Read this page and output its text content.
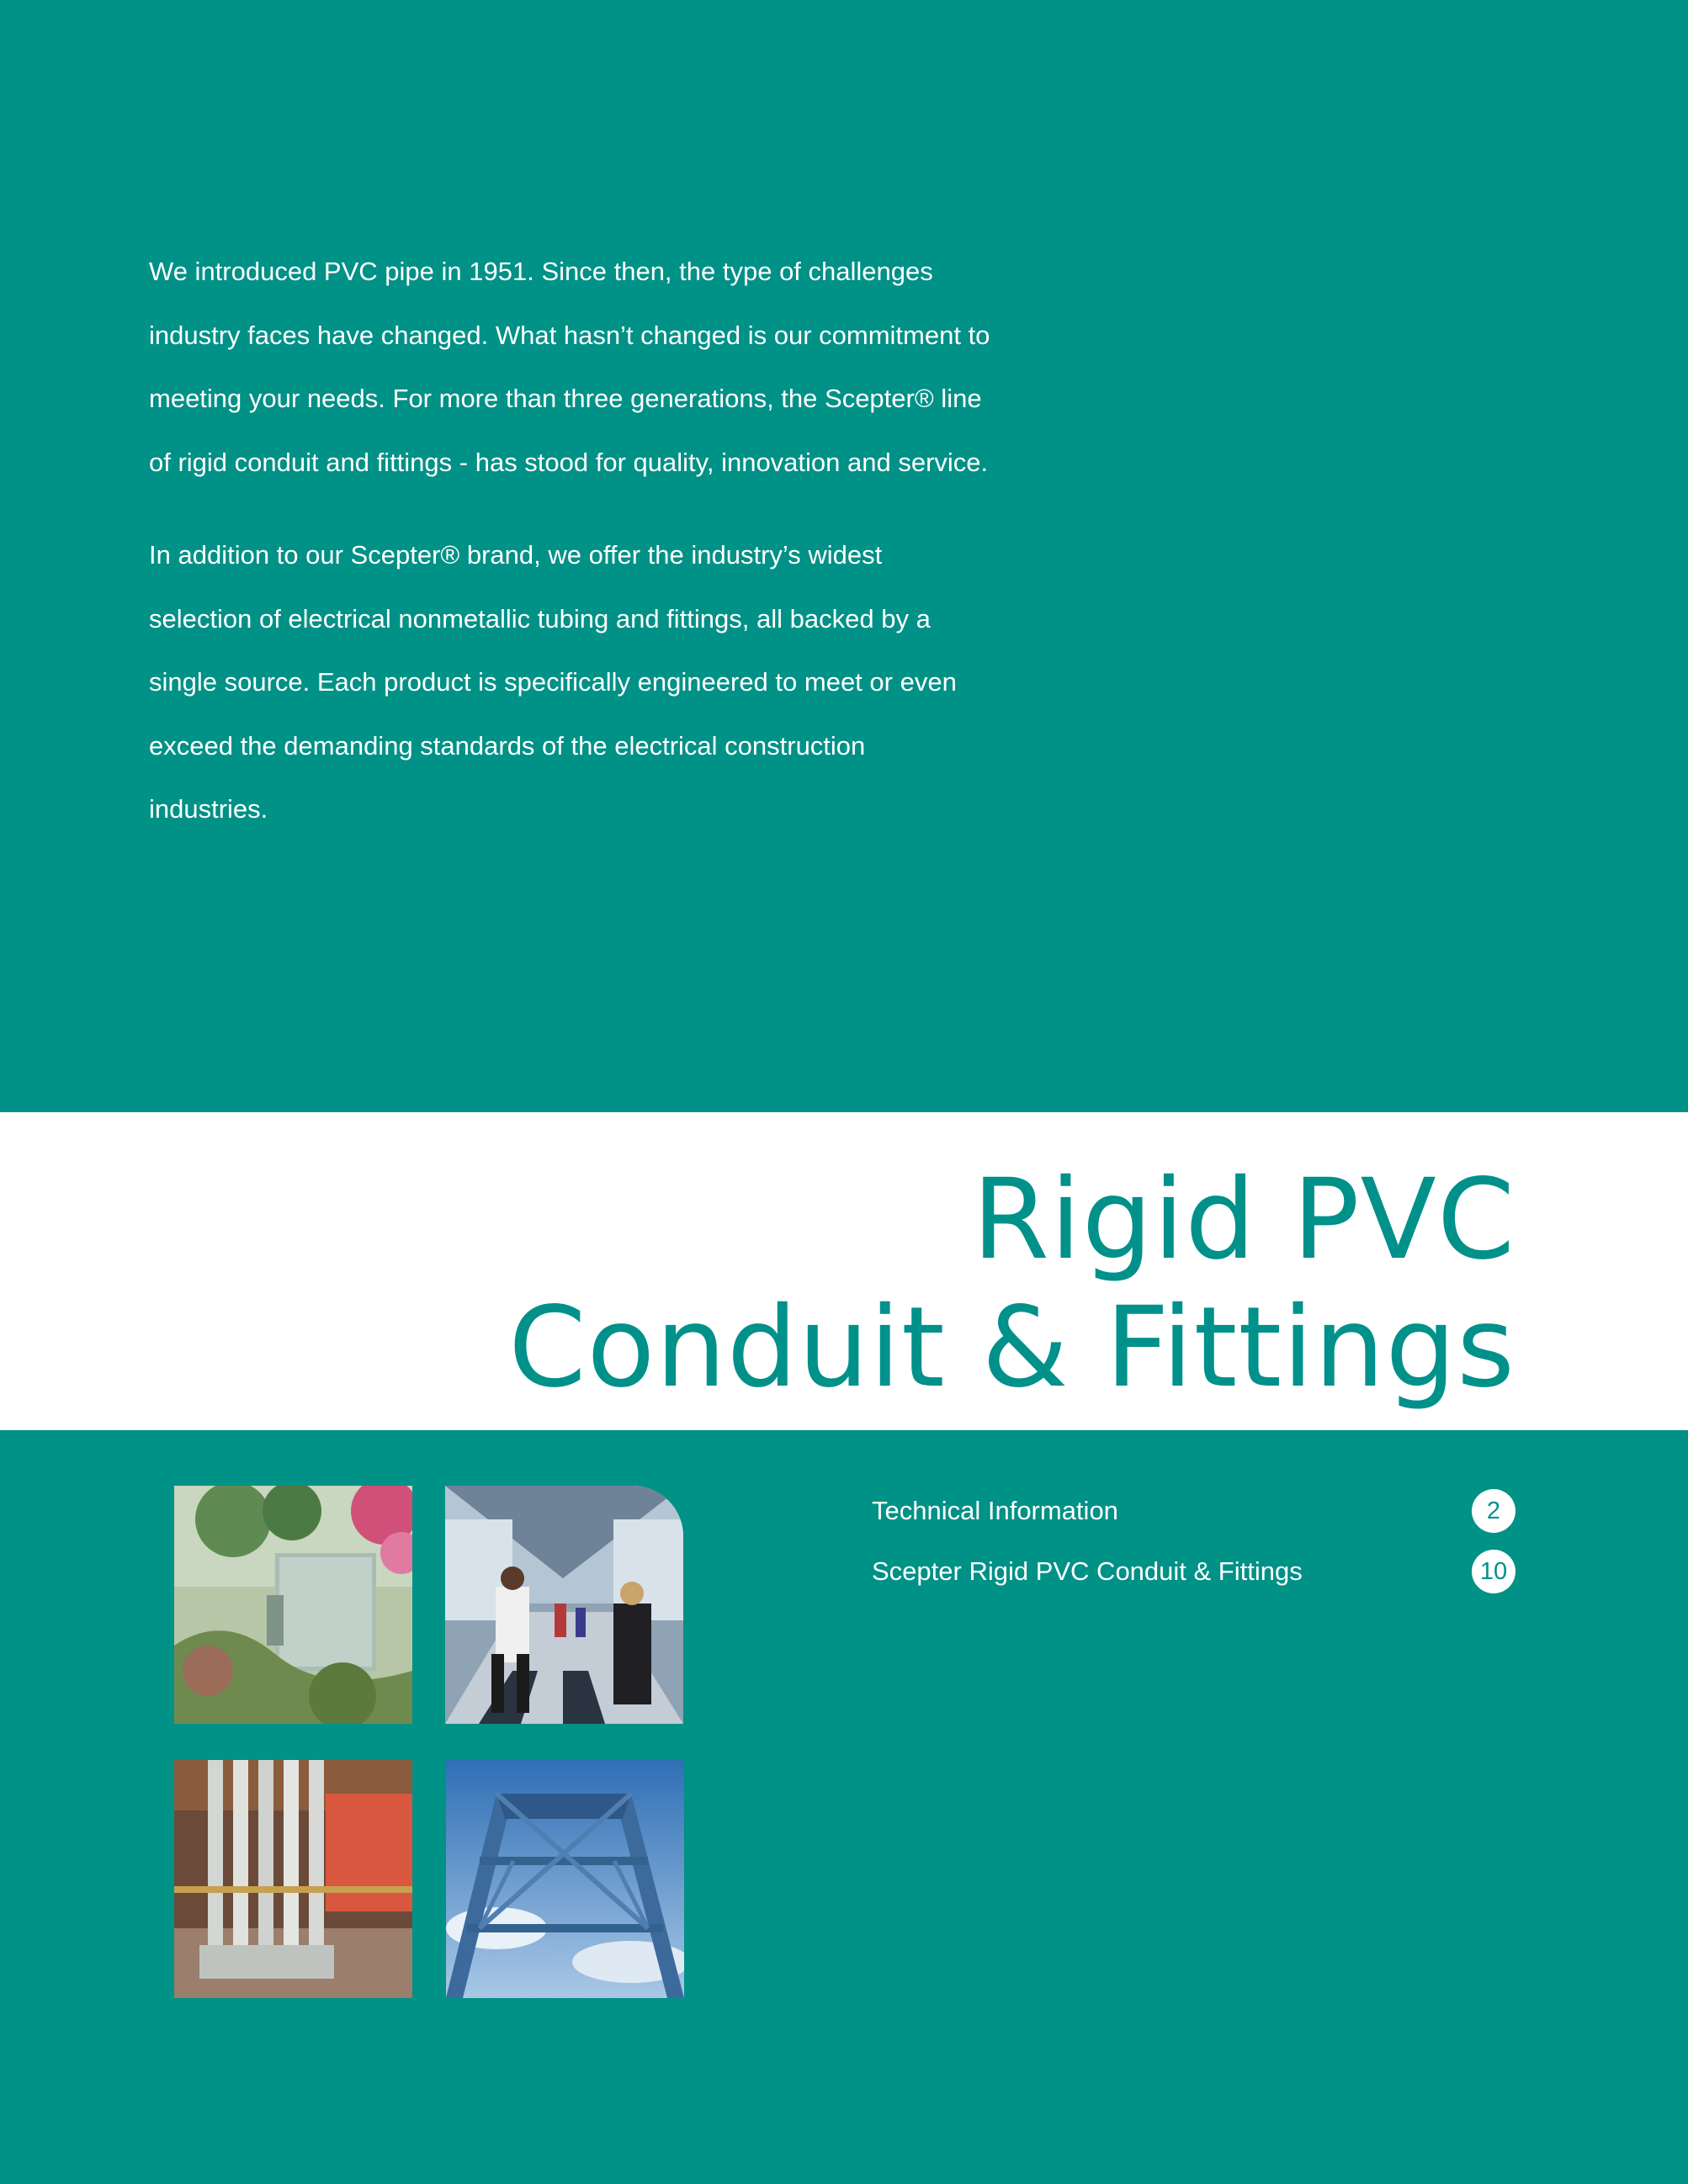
We introduced PVC pipe in 1951. Since then, the type of challenges industry faces have changed. What hasn’t changed is our commitment to meeting your needs. For more than three generations, the Scepter® line of rigid conduit and fittings - has stood for quality, innovation and service.

In addition to our Scepter® brand, we offer the industry’s widest selection of electrical nonmetallic tubing and fittings, all backed by a single source. Each product is specifically engineered to meet or even exceed the demanding standards of the electrical construction industries.

Rigid PVC
Conduit & Fittings
Technical Information	2
Scepter Rigid PVC Conduit & Fittings	10
